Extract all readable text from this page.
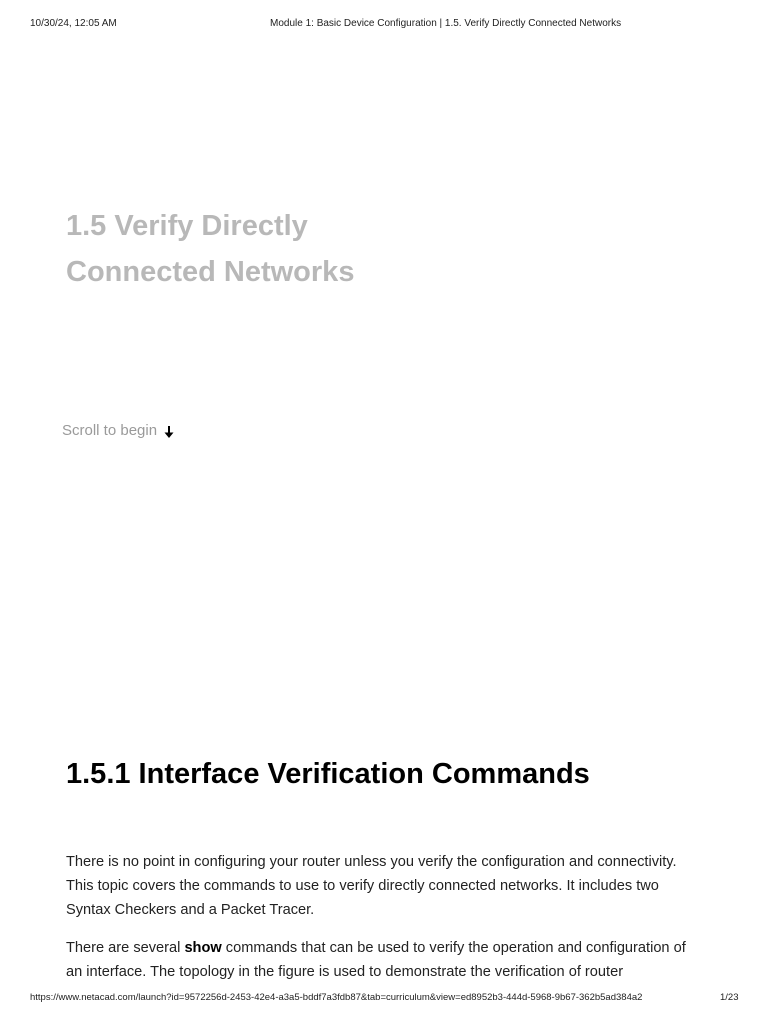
10/30/24, 12:05 AM	Module 1: Basic Device Configuration | 1.5. Verify Directly Connected Networks
1.5 Verify Directly
Connected Networks
Scroll to begin
1.5.1 Interface Verification Commands

There is no point in configuring your router unless you verify the configuration and connectivity. This topic covers the commands to use to verify directly connected networks. It includes two Syntax Checkers and a Packet Tracer.

There are several show commands that can be used to verify the operation and configuration of an interface. The topology in the figure is used to demonstrate the verification of router

https://www.netacad.com/launch?id=9572256d-2453-42e4-a3a5-bddf7a3fdb87&tab=curriculum&view=ed8952b3-444d-5968-9b67-362b5ad384a2	1/23
